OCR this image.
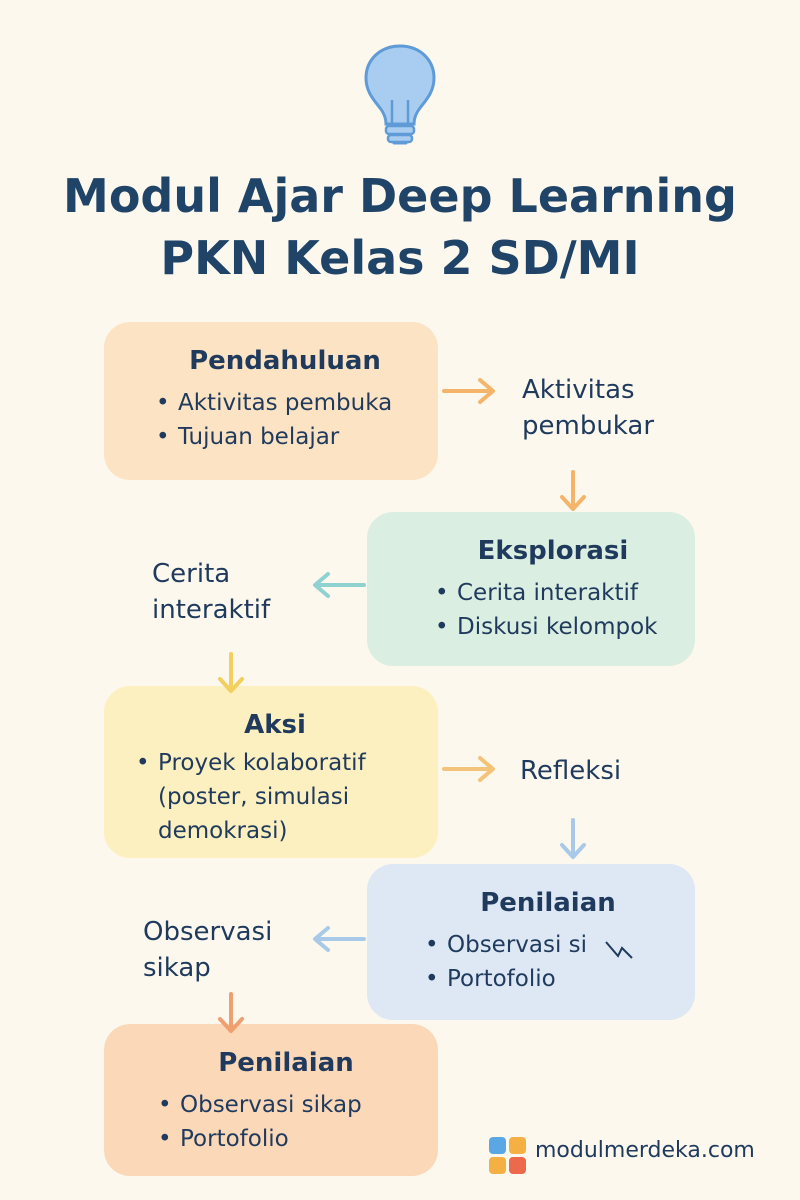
Modul Ajar Deep Learning
PKN Kelas 2 SD/MI
Pendahuluan
• Aktivitas pembuka
• Tujuan belajar
Eksplorasi
• Cerita interaktif
• Diskusi kelompok
Aksi
• Proyek kolaboratif (poster, simulasi demokrasi)
Penilaian
• Observasi si
• Portofolio
Penilaian
• Observasi sikap
• Portofolio
Aktivitas
pembukar
Cerita
interaktif
Refleksi
Observasi
sikap
modulmerdeka.com
